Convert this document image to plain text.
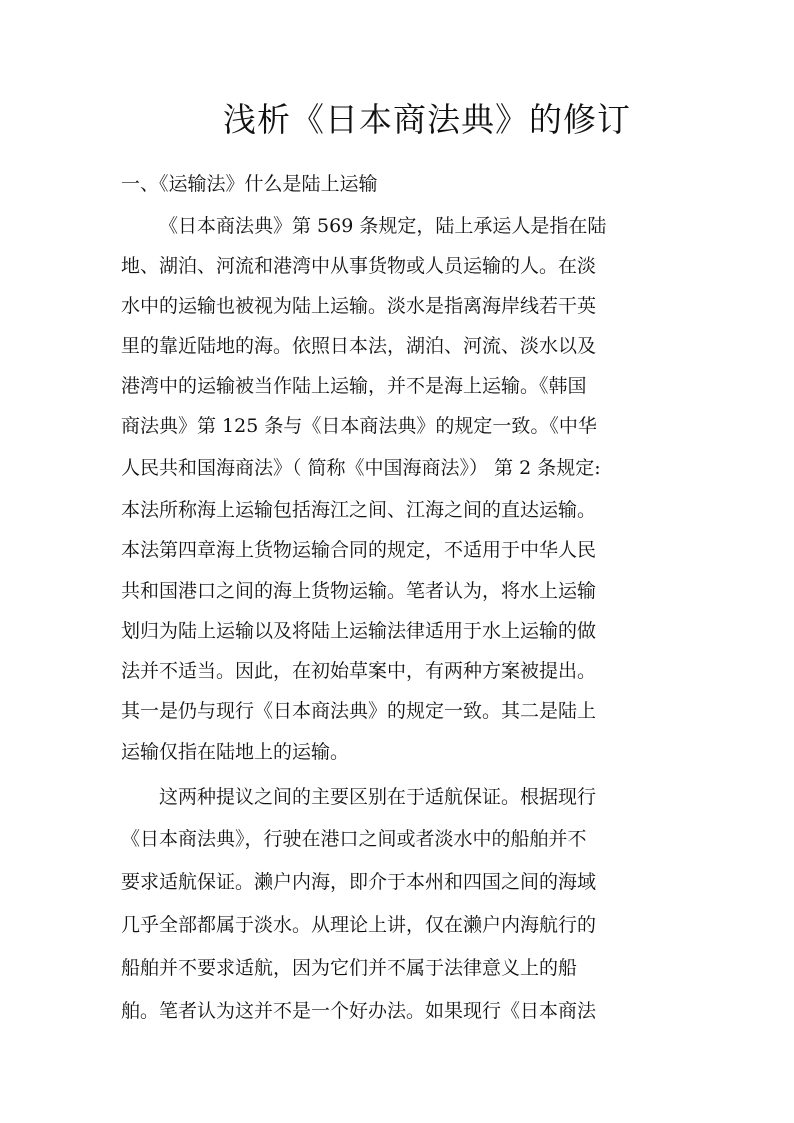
浅析《日本商法典》的修订
一、《运输法》什么是陆上运输
《日本商法典》第 569 条规定，陆上承运人是指在陆
地、湖泊、河流和港湾中从事货物或人员运输的人。在淡
水中的运输也被视为陆上运输。淡水是指离海岸线若干英
里的靠近陆地的海。依照日本法，湖泊、河流、淡水以及
港湾中的运输被当作陆上运输，并不是海上运输。《韩国
商法典》第 125 条与《日本商法典》的规定一致。《中华
人民共和国海商法》（ 简称《中国海商法》） 第 2 条规定:
本法所称海上运输包括海江之间、江海之间的直达运输。
本法第四章海上货物运输合同的规定，不适用于中华人民
共和国港口之间的海上货物运输。笔者认为，将水上运输
划归为陆上运输以及将陆上运输法律适用于水上运输的做
法并不适当。因此，在初始草案中，有两种方案被提出。
其一是仍与现行《日本商法典》的规定一致。其二是陆上
运输仅指在陆地上的运输。
这两种提议之间的主要区别在于适航保证。根据现行
《日本商法典》，行驶在港口之间或者淡水中的船舶并不
要求适航保证。濑户内海，即介于本州和四国之间的海域
几乎全部都属于淡水。从理论上讲，仅在濑户内海航行的
船舶并不要求适航，因为它们并不属于法律意义上的船
舶。笔者认为这并不是一个好办法。如果现行《日本商法
